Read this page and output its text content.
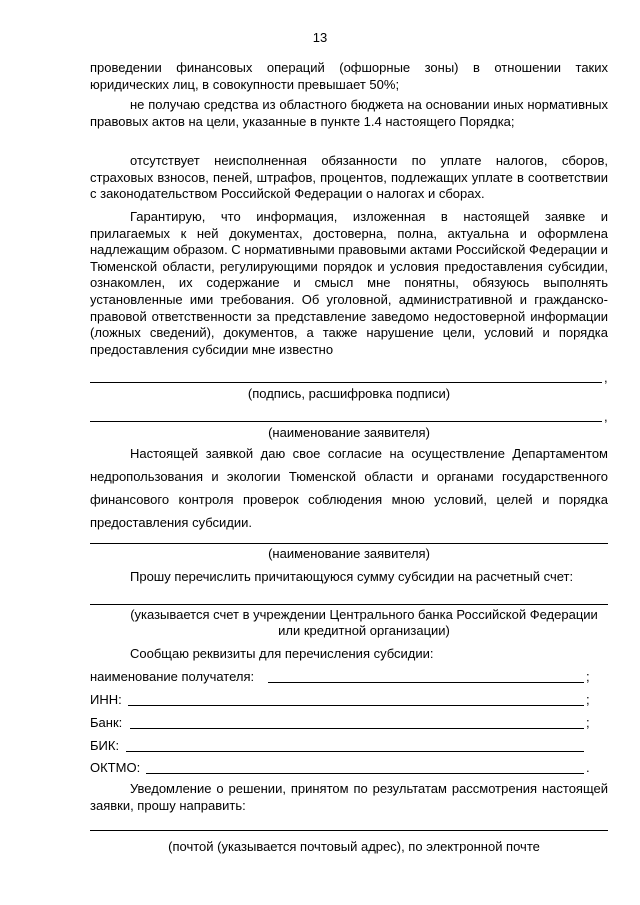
13
проведении финансовых операций (офшорные зоны) в отношении таких юридических лиц, в совокупности превышает 50%;
не получаю средства из областного бюджета на основании иных нормативных правовых актов на цели, указанные в пункте 1.4 настоящего Порядка;
отсутствует неисполненная обязанности по уплате налогов, сборов, страховых взносов, пеней, штрафов, процентов, подлежащих уплате в соответствии с законодательством Российской Федерации о налогах и сборах.
Гарантирую, что информация, изложенная в настоящей заявке и прилагаемых к ней документах, достоверна, полна, актуальна и оформлена надлежащим образом. С нормативными правовыми актами Российской Федерации и Тюменской области, регулирующими порядок и условия предоставления субсидии, ознакомлен, их содержание и смысл мне понятны, обязуюсь выполнять установленные ими требования. Об уголовной, административной и гражданско-правовой ответственности за представление заведомо недостоверной информации (ложных сведений), документов, а также нарушение цели, условий и порядка предоставления субсидии мне известно
,
(подпись, расшифровка подписи)
,
(наименование заявителя)
Настоящей заявкой даю свое согласие на осуществление Департаментом недропользования и экологии Тюменской области и органами государственного финансового контроля проверок соблюдения мною условий, целей и порядка предоставления субсидии.
(наименование заявителя)
Прошу перечислить причитающуюся сумму субсидии на расчетный счет:
(указывается счет в учреждении Центрального банка Российской Федерации или кредитной организации)
Сообщаю реквизиты для перечисления субсидии:
наименование получателя:	;
ИНН:	;
Банк:	;
БИК:
ОКТМО:	.
Уведомление о решении, принятом по результатам рассмотрения настоящей заявки, прошу направить:
(почтой (указывается почтовый адрес), по электронной почте
